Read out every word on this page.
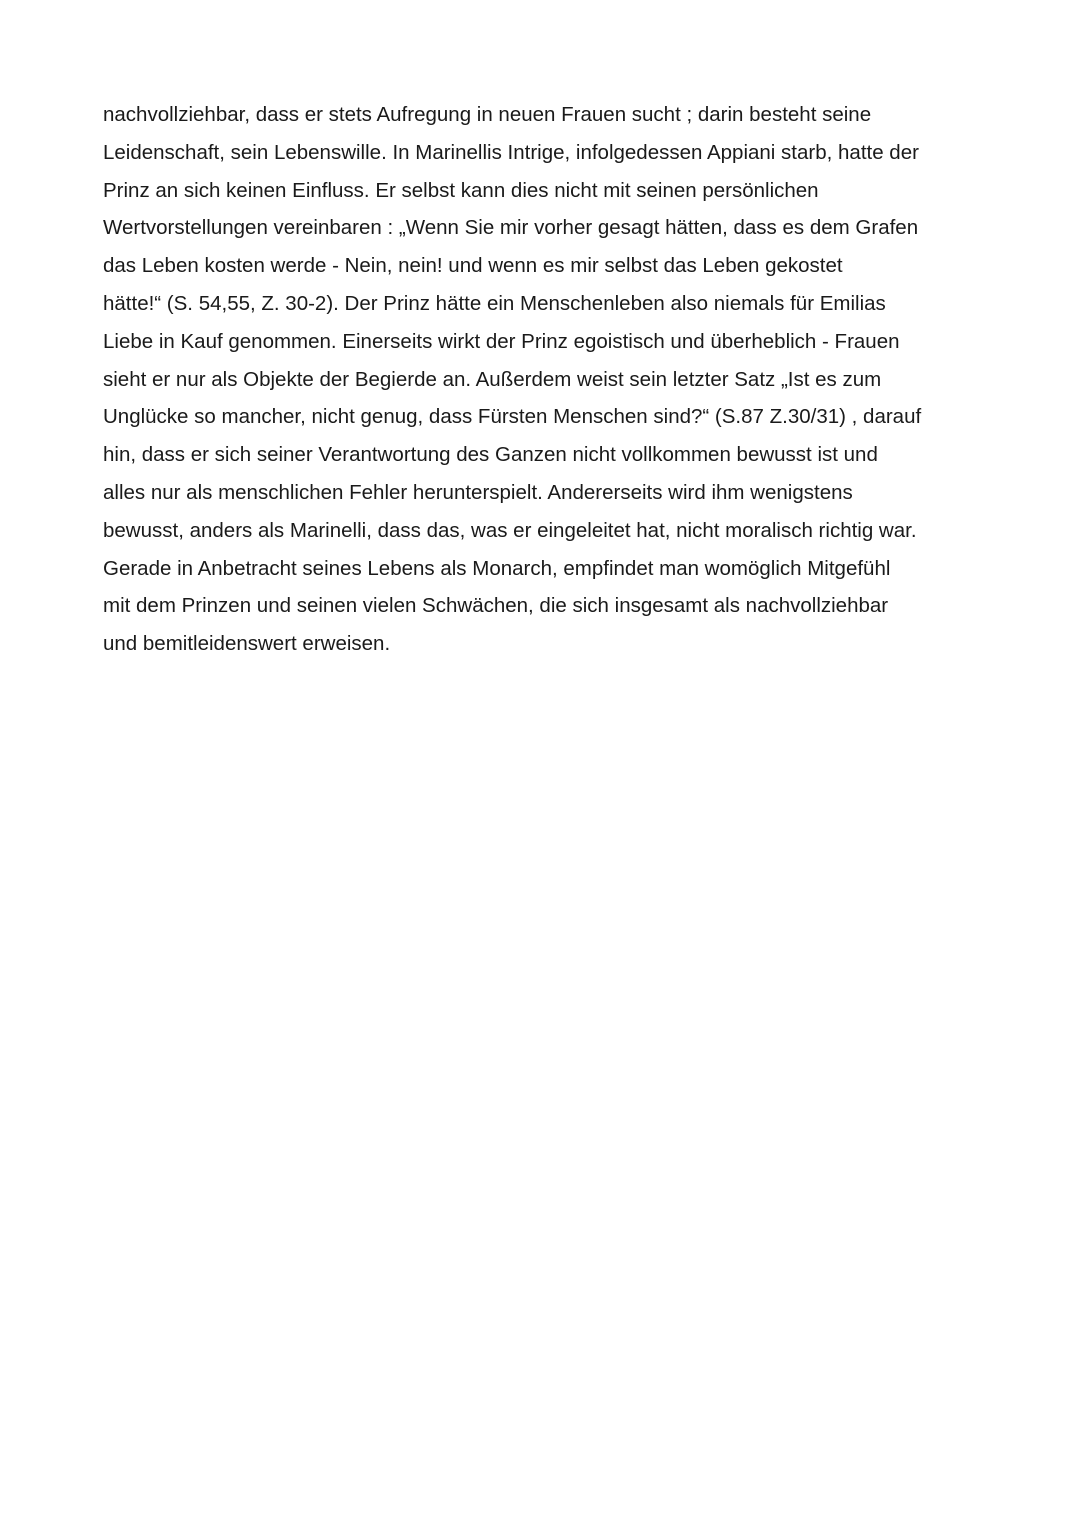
nachvollziehbar, dass er stets Aufregung in neuen Frauen sucht ; darin besteht seine
Leidenschaft, sein Lebenswille. In Marinellis Intrige, infolgedessen Appiani starb, hatte der
Prinz an sich keinen Einfluss. Er selbst kann dies nicht mit seinen persönlichen
Wertvorstellungen vereinbaren : „Wenn Sie mir vorher gesagt hätten, dass es dem Grafen
das Leben kosten werde - Nein, nein! und wenn es mir selbst das Leben gekostet
hätte!“ (S. 54,55, Z. 30-2). Der Prinz hätte ein Menschenleben also niemals für Emilias
Liebe in Kauf genommen. Einerseits wirkt der Prinz egoistisch und überheblich - Frauen
sieht er nur als Objekte der Begierde an. Außerdem weist sein letzter Satz „Ist es zum
Unglücke so mancher, nicht genug, dass Fürsten Menschen sind?“ (S.87 Z.30/31) , darauf
hin, dass er sich seiner Verantwortung des Ganzen nicht vollkommen bewusst ist und
alles nur als menschlichen Fehler herunterspielt. Andererseits wird ihm wenigstens
bewusst, anders als Marinelli, dass das, was er eingeleitet hat, nicht moralisch richtig war.
Gerade in Anbetracht seines Lebens als Monarch, empfindet man womöglich Mitgefühl
mit dem Prinzen und seinen vielen Schwächen, die sich insgesamt als nachvollziehbar
und bemitleidenswert erweisen.
